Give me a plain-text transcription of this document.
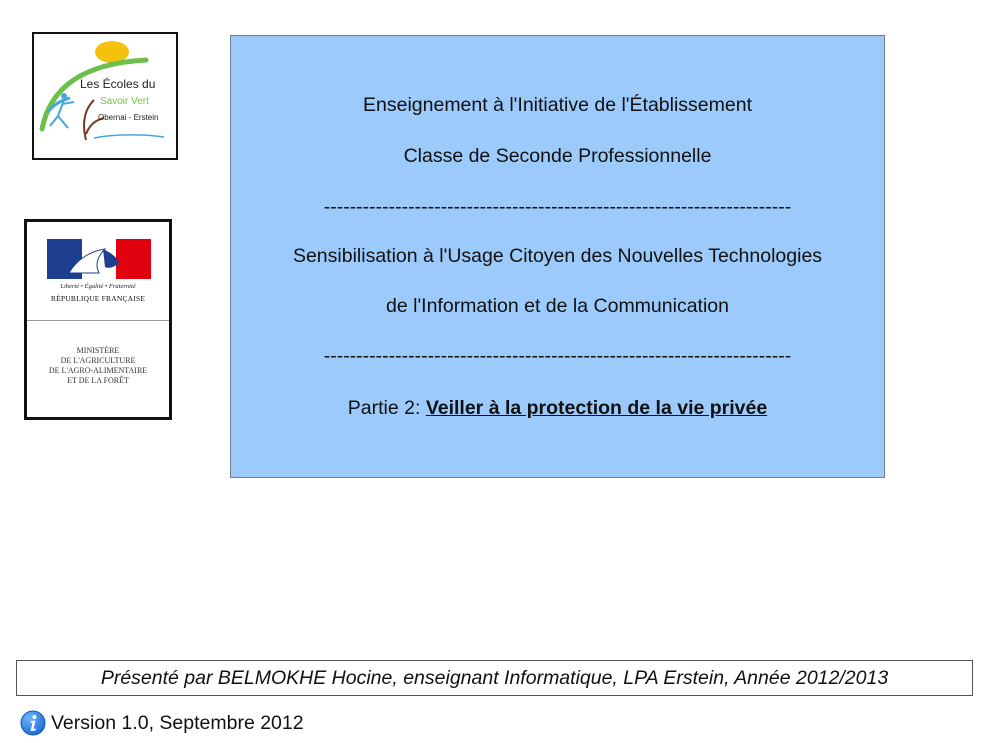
Les Écoles du
Savoir Vert
Obernai - Erstein
Liberté • Égalité • Fraternité
RÉPUBLIQUE FRANÇAISE
MINISTÈRE
DE L'AGRICULTURE
DE L'AGRO-ALIMENTAIRE
ET DE LA FORÊT
Enseignement à l'Initiative de l'Établissement
Classe de Seconde Professionnelle
------------------------------------------------------------------------
Sensibilisation à l'Usage Citoyen des Nouvelles Technologies
de l'Information et de la Communication
------------------------------------------------------------------------
Partie 2: Veiller à la protection de la vie privée
Présenté par BELMOKHE Hocine, enseignant Informatique, LPA Erstein, Année 2012/2013
Version 1.0, Septembre 2012
